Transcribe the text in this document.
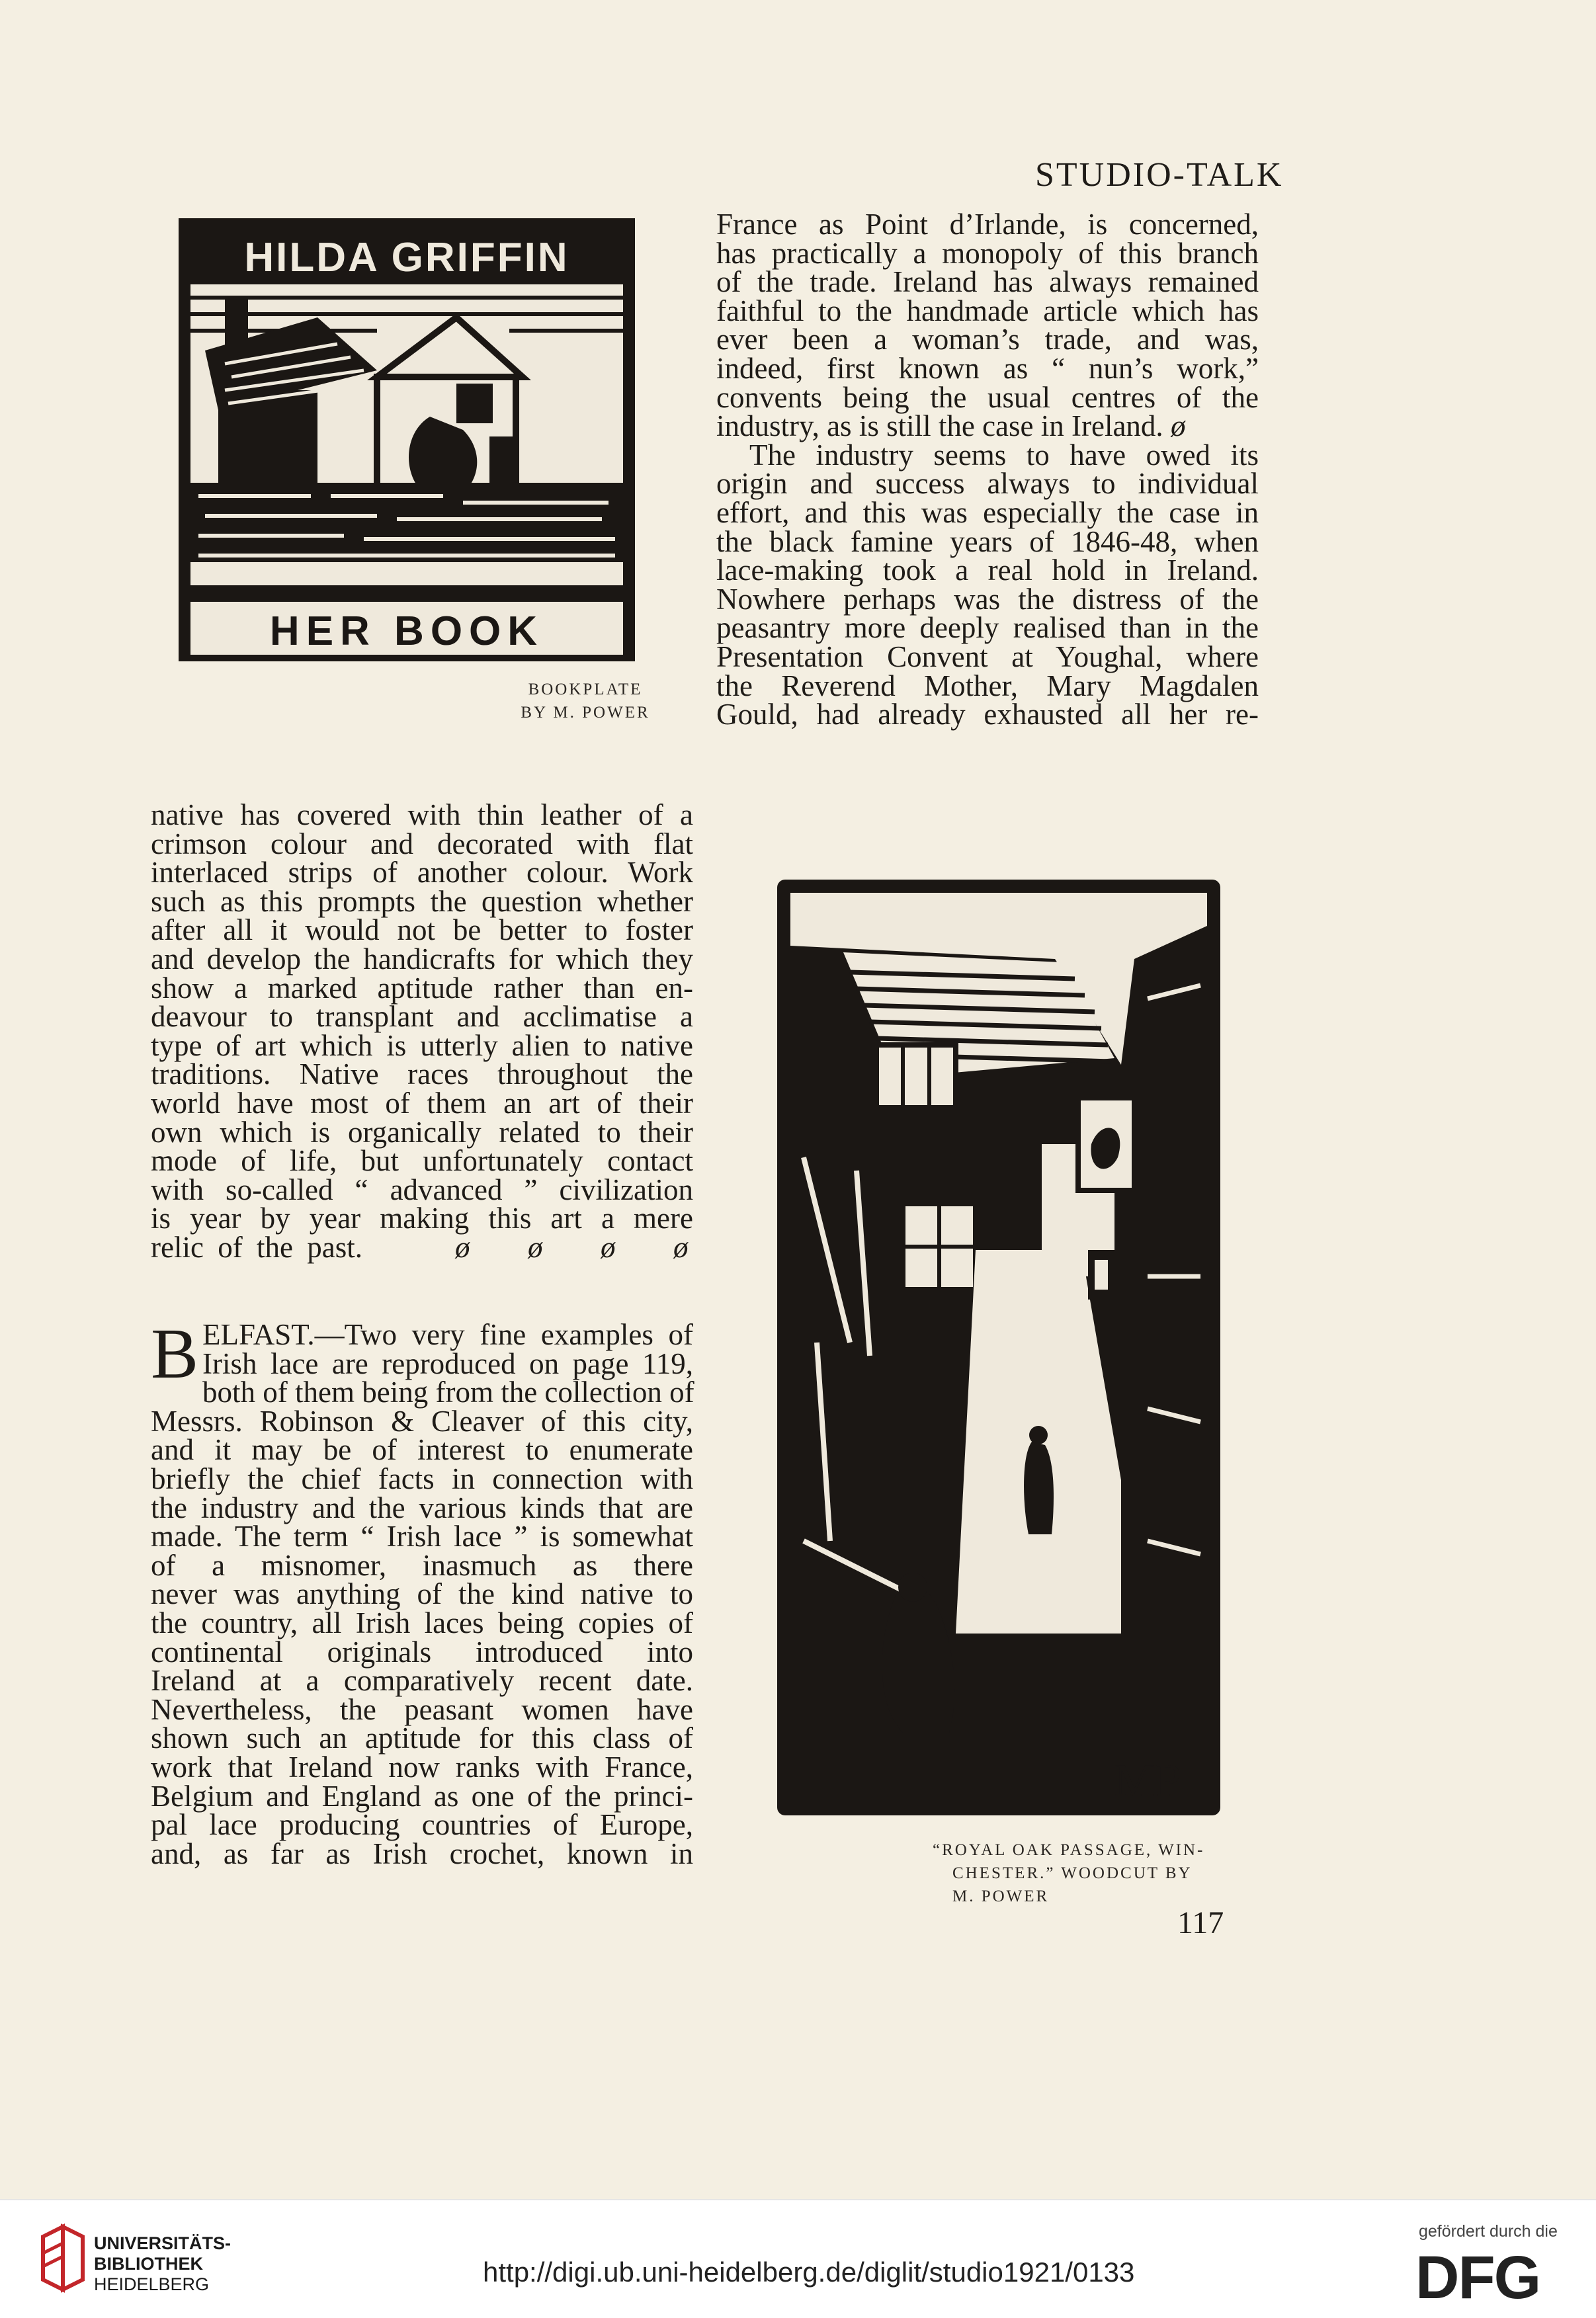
STUDIO-TALK
HILDA GRIFFIN
HER BOOK
BOOKPLATE
BY M. POWER
France as Point d’Irlande, is concerned,
has practically a monopoly of this branch
of the trade. Ireland has always remained
faithful to the handmade article which has
ever been a woman’s trade, and was,
indeed, first known as “ nun’s work,”
convents being the usual centres of the
industry, as is still the case in Ireland. ø
The industry seems to have owed its
origin and success always to individual
effort, and this was especially the case in
the black famine years of 1846-48, when
lace-making took a real hold in Ireland.
Nowhere perhaps was the distress of the
peasantry more deeply realised than in the
Presentation Convent at Youghal, where
the Reverend Mother, Mary Magdalen
Gould, had already exhausted all her re-
native has covered with thin leather of a
crimson colour and decorated with flat
interlaced strips of another colour. Work
such as this prompts the question whether
after all it would not be better to foster
and develop the handicrafts for which they
show a marked aptitude rather than en-
deavour to transplant and acclimatise a
type of art which is utterly alien to native
traditions. Native races throughout the
world have most of them an art of their
own which is organically related to their
mode of life, but unfortunately contact
with so-called “ advanced ” civilization
is year by year making this art a mere
relic of the past.	ø ø ø ø
B ELFAST.—Two very fine examples of
Irish lace are reproduced on page 119,
both of them being from the collection of
Messrs. Robinson & Cleaver of this city,
and it may be of interest to enumerate
briefly the chief facts in connection with
the industry and the various kinds that are
made. The term “ Irish lace ” is somewhat
of a misnomer, inasmuch as there
never was anything of the kind native to
the country, all Irish laces being copies of
continental originals introduced into
Ireland at a comparatively recent date.
Nevertheless, the peasant women have
shown such an aptitude for this class of
work that Ireland now ranks with France,
Belgium and England as one of the princi-
pal lace producing countries of Europe,
and, as far as Irish crochet, known in
MP
“ROYAL OAK PASSAGE, WIN-
CHESTER.” WOODCUT BY
M. POWER
117
UNIVERSITÄTS-
BIBLIOTHEK
HEIDELBERG	http://digi.ub.uni-heidelberg.de/diglit/studio1921/0133
gefördert durch die
DFG
